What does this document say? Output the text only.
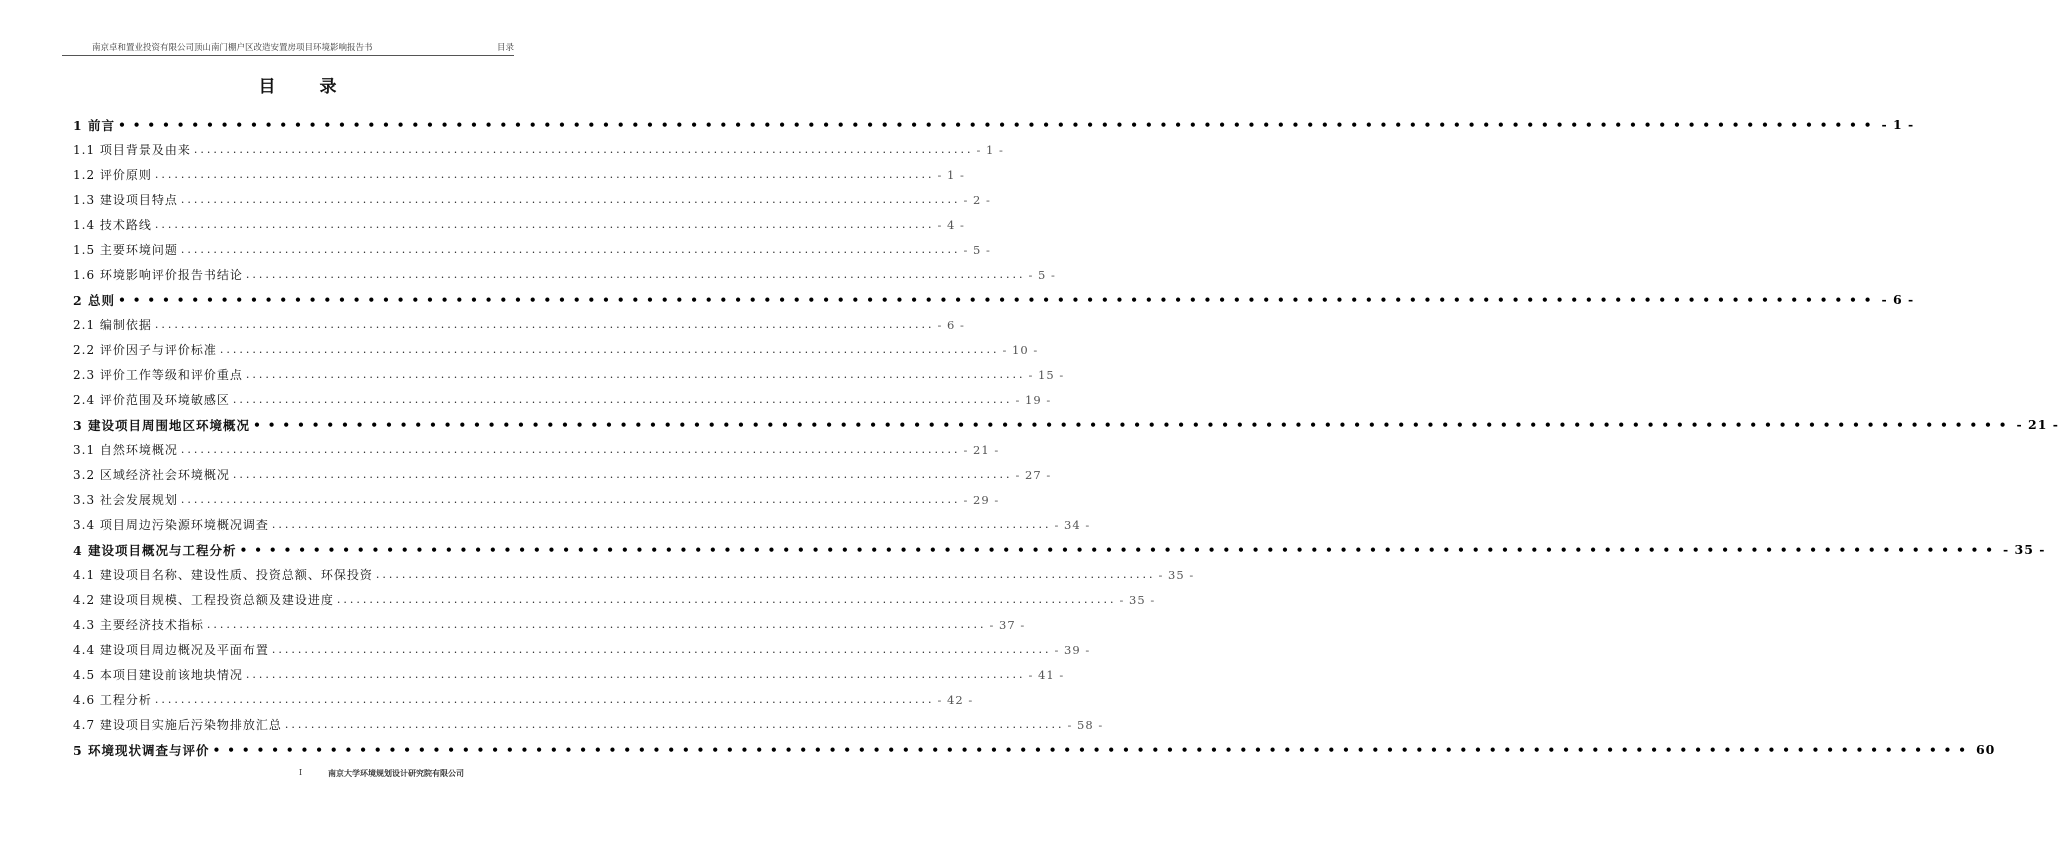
南京卓和置业投资有限公司顶山南门棚户区改造安置房项目环境影响报告书	目录
目录
1 前言 •••••••••••••••••••••••••••••••••••••••••••••••••••••••••••••••••••••••••••••••••••••••••••••••••••••••••••••••••••••••• - 1 -
1.1 项目背景及由来 ........................................................................................................................ - 1 -
1.2 评价原则 ........................................................................................................................ - 1 -
1.3 建设项目特点 ........................................................................................................................ - 2 -
1.4 技术路线 ........................................................................................................................ - 4 -
1.5 主要环境问题 ........................................................................................................................ - 5 -
1.6 环境影响评价报告书结论 ........................................................................................................................ - 5 -
2 总则 •••••••••••••••••••••••••••••••••••••••••••••••••••••••••••••••••••••••••••••••••••••••••••••••••••••••••••••••••••••••• - 6 -
2.1 编制依据 ........................................................................................................................ - 6 -
2.2 评价因子与评价标准 ........................................................................................................................ - 10 -
2.3 评价工作等级和评价重点 ........................................................................................................................ - 15 -
2.4 评价范围及环境敏感区 ........................................................................................................................ - 19 -
3 建设项目周围地区环境概况 •••••••••••••••••••••••••••••••••••••••••••••••••••••••••••••••••••••••••••••••••••••••••••••••••••••••••••••••••••••••• - 21 -
3.1 自然环境概况 ........................................................................................................................ - 21 -
3.2 区域经济社会环境概况 ........................................................................................................................ - 27 -
3.3 社会发展规划 ........................................................................................................................ - 29 -
3.4 项目周边污染源环境概况调查 ........................................................................................................................ - 34 -
4 建设项目概况与工程分析 •••••••••••••••••••••••••••••••••••••••••••••••••••••••••••••••••••••••••••••••••••••••••••••••••••••••••••••••••••••••• - 35 -
4.1 建设项目名称、建设性质、投资总额、环保投资 ........................................................................................................................ - 35 -
4.2 建设项目规模、工程投资总额及建设进度 ........................................................................................................................ - 35 -
4.3 主要经济技术指标 ........................................................................................................................ - 37 -
4.4 建设项目周边概况及平面布置 ........................................................................................................................ - 39 -
4.5 本项目建设前该地块情况 ........................................................................................................................ - 41 -
4.6 工程分析 ........................................................................................................................ - 42 -
4.7 建设项目实施后污染物排放汇总 ........................................................................................................................ - 58 -
5 环境现状调查与评价 •••••••••••••••••••••••••••••••••••••••••••••••••••••••••••••••••••••••••••••••••••••••••••••••••••••••••••••••••••••••• 60
I	南京大学环境规划设计研究院有限公司
